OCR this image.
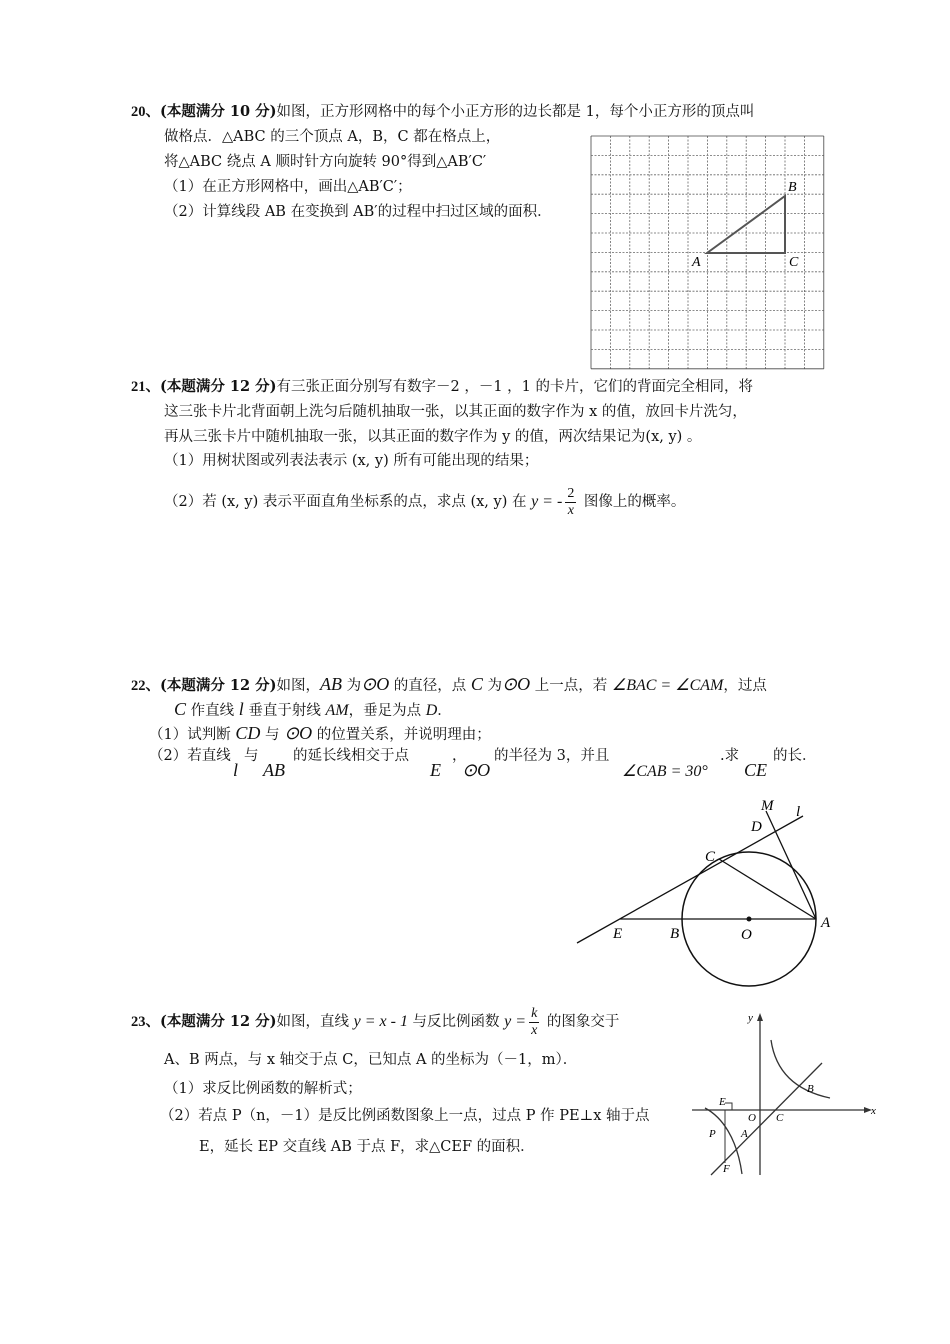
20、(本题满分 10 分)如图，正方形网格中的每个小正方形的边长都是 1，每个小正方形的顶点叫
做格点．△ABC 的三个顶点 A，B，C 都在格点上，
将△ABC 绕点 A 顺时针方向旋转 90°得到△AB′C′
（1）在正方形网格中，画出△AB′C′；
（2）计算线段 AB 在变换到 AB′的过程中扫过区域的面积．
A
B
C
21、(本题满分 12 分)有三张正面分别写有数字－2 ，－1 ，1 的卡片，它们的背面完全相同，将
这三张卡片北背面朝上洗匀后随机抽取一张，以其正面的数字作为 x 的值，放回卡片洗匀，
再从三张卡片中随机抽取一张，以其正面的数字作为 y 的值，两次结果记为(x, y) 。
（1）用树状图或列表法表示 (x, y) 所有可能出现的结果；
（2）若 (x, y) 表示平面直角坐标系的点，求点 (x, y) 在 y = - $\frac{2}{x}$ 图像上的概率。
22、(本题满分 12 分)如图，AB 为⊙O 的直径，点 C 为⊙O 上一点，若 ∠BAC = ∠CAM，过点
C 作直线 l 垂直于射线 AM，垂足为点 D．
（1）试判断 CD 与 ⊙O 的位置关系，并说明理由；
（2）若直线
l
与
AB
的延长线相交于点
E
，
⊙O
的半径为 3，并且
∠CAB = 30°
.求
CE
的长．
M l
D
C
E	B	O
A
23、(本题满分 12 分)如图，直线 y = x - 1 与反比例函数 $y = \frac{k}{x}$ 的图象交于
A、B 两点，与 x 轴交于点 C，已知点 A 的坐标为（－1，m）．
（1）求反比例函数的解析式；
（2）若点 P（n，－1）是反比例函数图象上一点，过点 P 作 PE⊥x 轴于点
E，延长 EP 交直线 AB 于点 F，求△CEF 的面积．
y
x
B
E
O C
P A
F
